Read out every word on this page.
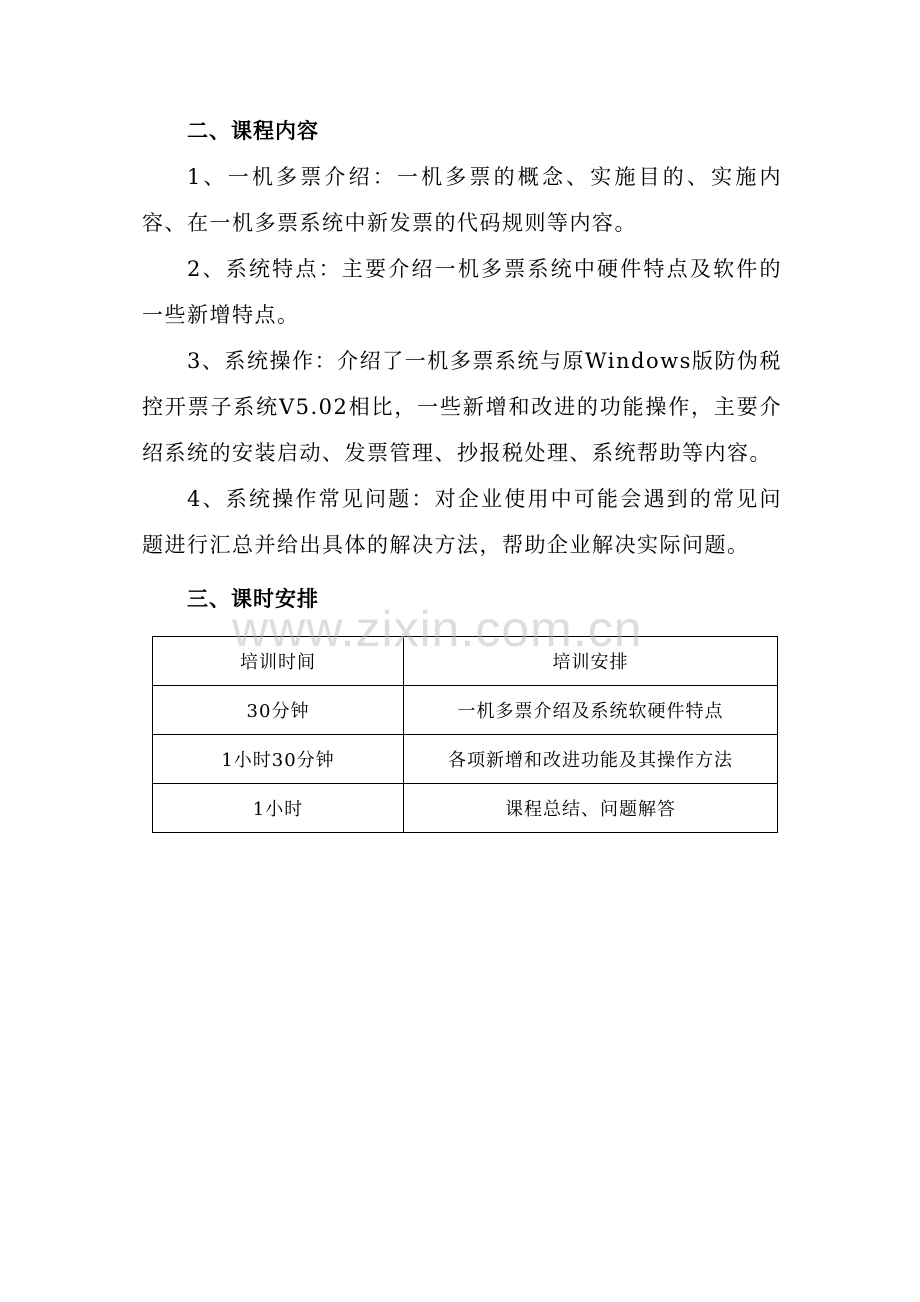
二、课程内容

1、一机多票介绍：一机多票的概念、实施目的、实施内容、在一机多票系统中新发票的代码规则等内容。

2、系统特点：主要介绍一机多票系统中硬件特点及软件的一些新增特点。

3、系统操作：介绍了一机多票系统与原Windows版防伪税控开票子系统V5.02相比，一些新增和改进的功能操作，主要介绍系统的安装启动、发票管理、抄报税处理、系统帮助等内容。

4、系统操作常见问题：对企业使用中可能会遇到的常见问题进行汇总并给出具体的解决方法，帮助企业解决实际问题。

三、课时安排
培训时间	培训安排
30分钟	一机多票介绍及系统软硬件特点
1小时30分钟	各项新增和改进功能及其操作方法
1小时	课程总结、问题解答
www.zixin.com.cn
